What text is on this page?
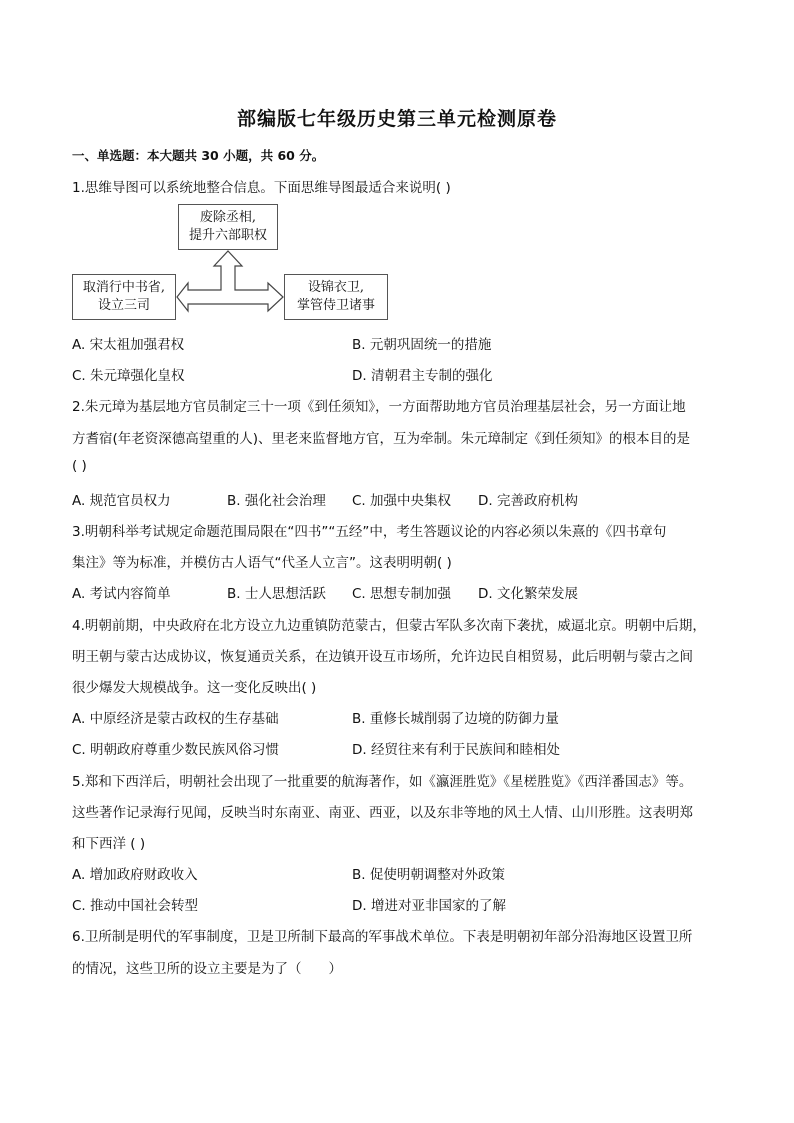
部编版七年级历史第三单元检测原卷
一、单选题：本大题共 30 小题，共 60 分。
1.思维导图可以系统地整合信息。下面思维导图最适合来说明( )
废除丞相,
提升六部职权
取消行中书省,
设立三司
设锦衣卫,
掌管侍卫诸事
A. 宋太祖加强君权	B. 元朝巩固统一的措施
C. 朱元璋强化皇权	D. 清朝君主专制的强化
2.朱元璋为基层地方官员制定三十一项《到任须知》，一方面帮助地方官员治理基层社会，另一方面让地
方耆宿(年老资深德高望重的人)、里老来监督地方官，互为牵制。朱元璋制定《到任须知》的根本目的是
( )
A. 规范官员权力	B. 强化社会治理 C. 加强中央集权 D. 完善政府机构
3.明朝科举考试规定命题范围局限在“四书”“五经”中，考生答题议论的内容必须以朱熹的《四书章句
集注》等为标准，并模仿古人语气“代圣人立言”。这表明明朝( )
A. 考试内容简单	B. 士人思想活跃 C. 思想专制加强 D. 文化繁荣发展
4.明朝前期，中央政府在北方设立九边重镇防范蒙古，但蒙古军队多次南下袭扰，威逼北京。明朝中后期，
明王朝与蒙古达成协议，恢复通贡关系，在边镇开设互市场所，允许边民自相贸易，此后明朝与蒙古之间
很少爆发大规模战争。这一变化反映出( )
A. 中原经济是蒙古政权的生存基础	B. 重修长城削弱了边境的防御力量
C. 明朝政府尊重少数民族风俗习惯	D. 经贸往来有利于民族间和睦相处
5.郑和下西洋后，明朝社会出现了一批重要的航海著作，如《瀛涯胜览》《星槎胜览》《西洋番国志》等。
这些著作记录海行见闻，反映当时东南亚、南亚、西亚，以及东非等地的风土人情、山川形胜。这表明郑
和下西洋 ( )
A. 增加政府财政收入	B. 促使明朝调整对外政策
C. 推动中国社会转型	D. 增进对亚非国家的了解
6.卫所制是明代的军事制度，卫是卫所制下最高的军事战术单位。下表是明朝初年部分沿海地区设置卫所
的情况，这些卫所的设立主要是为了（　　）
